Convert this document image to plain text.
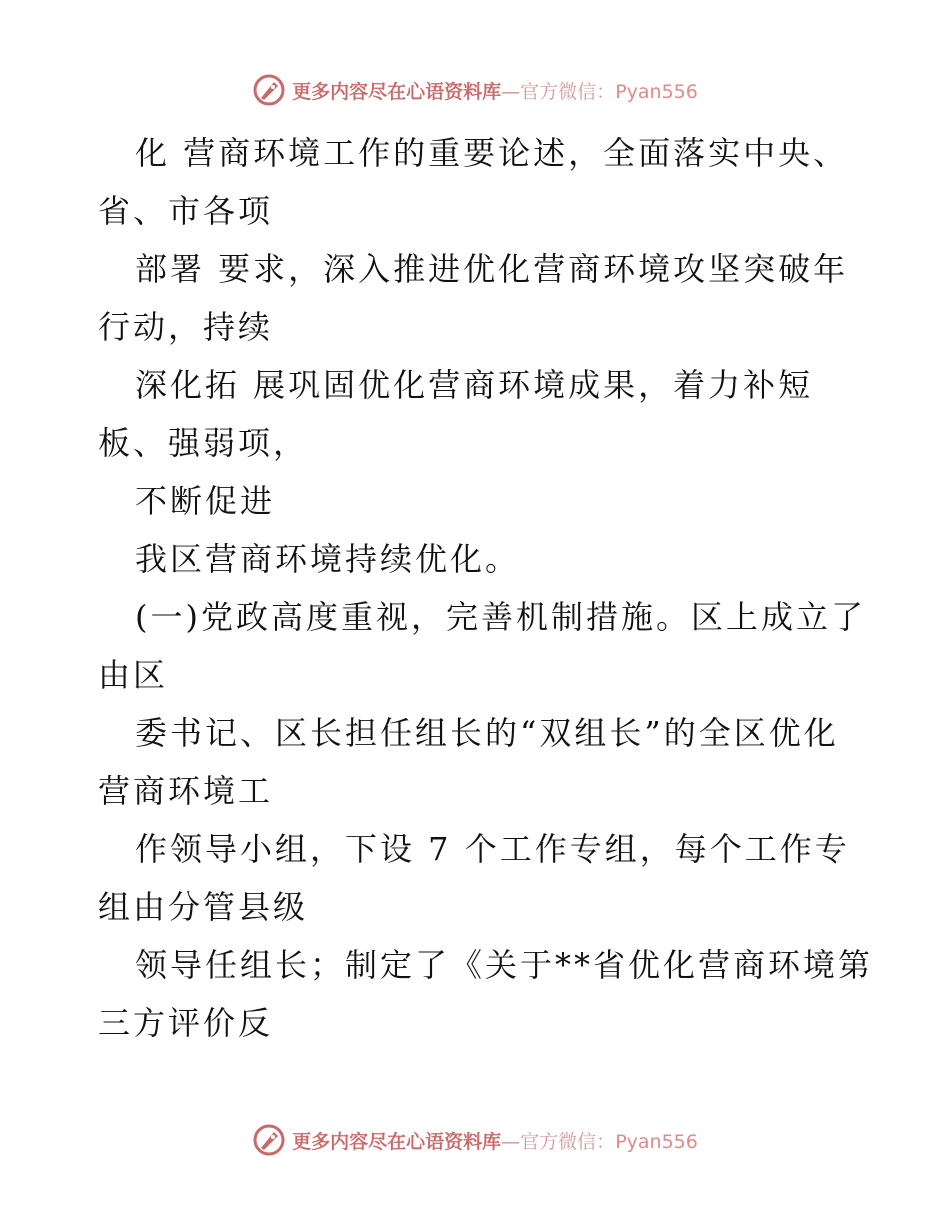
更多内容尽在心语资料库—官方微信：Pyan556
化 营商环境工作的重要论述，全面落实中央、
省、市各项
部署 要求，深入推进优化营商环境攻坚突破年
行动，持续
深化拓 展巩固优化营商环境成果，着力补短
板、强弱项，
不断促进
我区营商环境持续优化。
(一)党政高度重视，完善机制措施。区上成立了
由区
委书记、区长担任组长的“双组长”的全区优化
营商环境工
作领导小组，下设 7 个工作专组，每个工作专
组由分管县级
领导任组长；制定了《关于**省优化营商环境第
三方评价反
更多内容尽在心语资料库—官方微信：Pyan556
